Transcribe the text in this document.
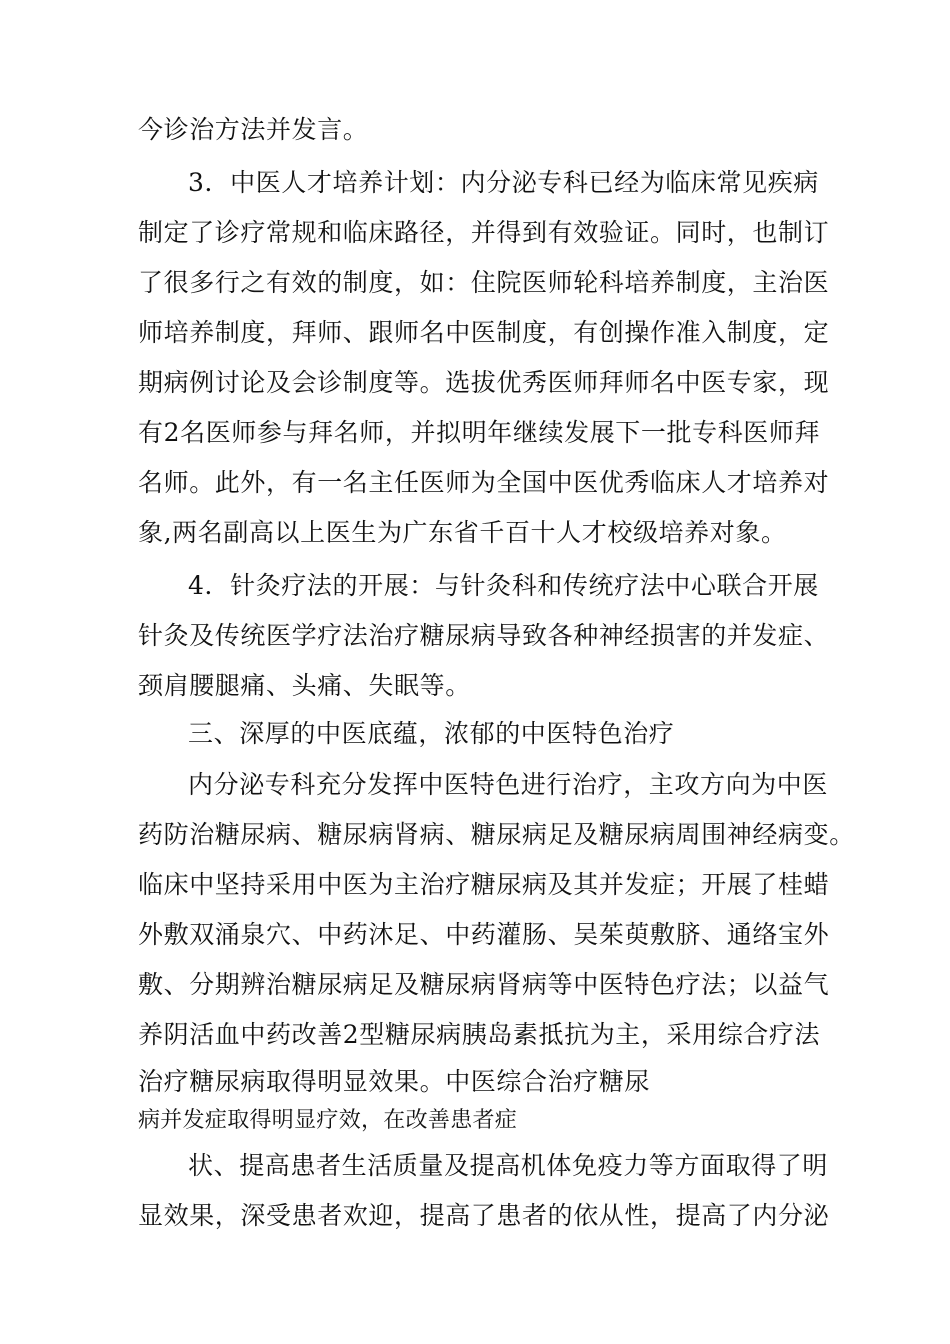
今诊治方法并发言。
3．中医人才培养计划：内分泌专科已经为临床常见疾病
制定了诊疗常规和临床路径，并得到有效验证。同时，也制订
了很多行之有效的制度，如：住院医师轮科培养制度，主治医
师培养制度，拜师、跟师名中医制度，有创操作准入制度，定
期病例讨论及会诊制度等。选拔优秀医师拜师名中医专家，现
有2名医师参与拜名师，并拟明年继续发展下一批专科医师拜
名师。此外，有一名主任医师为全国中医优秀临床人才培养对
象,两名副高以上医生为广东省千百十人才校级培养对象。
4．针灸疗法的开展：与针灸科和传统疗法中心联合开展
针灸及传统医学疗法治疗糖尿病导致各种神经损害的并发症、
颈肩腰腿痛、头痛、失眠等。
三、深厚的中医底蕴，浓郁的中医特色治疗
内分泌专科充分发挥中医特色进行治疗，主攻方向为中医
药防治糖尿病、糖尿病肾病、糖尿病足及糖尿病周围神经病变。
临床中坚持采用中医为主治疗糖尿病及其并发症；开展了桂蜡
外敷双涌泉穴、中药沐足、中药灌肠、吴茱萸敷脐、通络宝外
敷、分期辨治糖尿病足及糖尿病肾病等中医特色疗法；以益气
养阴活血中药改善2型糖尿病胰岛素抵抗为主，采用综合疗法
治疗糖尿病取得明显效果。中医综合治疗糖尿
病并发症取得明显疗效，在改善患者症
状、提高患者生活质量及提高机体免疫力等方面取得了明
显效果，深受患者欢迎，提高了患者的依从性，提高了内分泌
